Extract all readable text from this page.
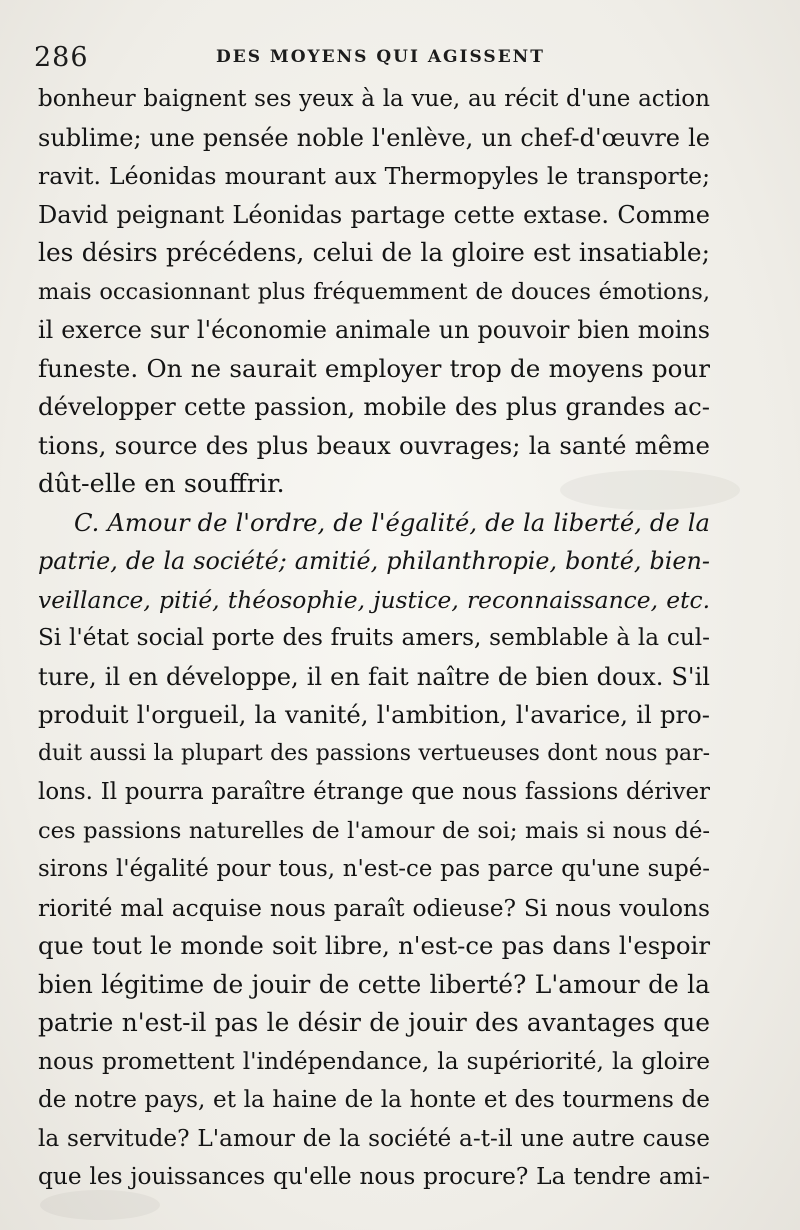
286	DES MOYENS QUI AGISSENT
bonheur baignent ses yeux à la vue, au récit d'une action
sublime; une pensée noble l'enlève, un chef-d'œuvre le
ravit. Léonidas mourant aux Thermopyles le transporte;
David peignant Léonidas partage cette extase. Comme
les désirs précédens, celui de la gloire est insatiable;
mais occasionnant plus fréquemment de douces émotions,
il exerce sur l'économie animale un pouvoir bien moins
funeste. On ne saurait employer trop de moyens pour
développer cette passion, mobile des plus grandes ac-
tions, source des plus beaux ouvrages; la santé même
dût-elle en souffrir.
C. Amour de l'ordre, de l'égalité, de la liberté, de la
patrie, de la société; amitié, philanthropie, bonté, bien-
veillance, pitié, théosophie, justice, reconnaissance, etc.
Si l'état social porte des fruits amers, semblable à la cul-
ture, il en développe, il en fait naître de bien doux. S'il
produit l'orgueil, la vanité, l'ambition, l'avarice, il pro-
duit aussi la plupart des passions vertueuses dont nous par-
lons. Il pourra paraître étrange que nous fassions dériver
ces passions naturelles de l'amour de soi; mais si nous dé-
sirons l'égalité pour tous, n'est-ce pas parce qu'une supé-
riorité mal acquise nous paraît odieuse? Si nous voulons
que tout le monde soit libre, n'est-ce pas dans l'espoir
bien légitime de jouir de cette liberté? L'amour de la
patrie n'est-il pas le désir de jouir des avantages que
nous promettent l'indépendance, la supériorité, la gloire
de notre pays, et la haine de la honte et des tourmens de
la servitude? L'amour de la société a-t-il une autre cause
que les jouissances qu'elle nous procure? La tendre ami-
